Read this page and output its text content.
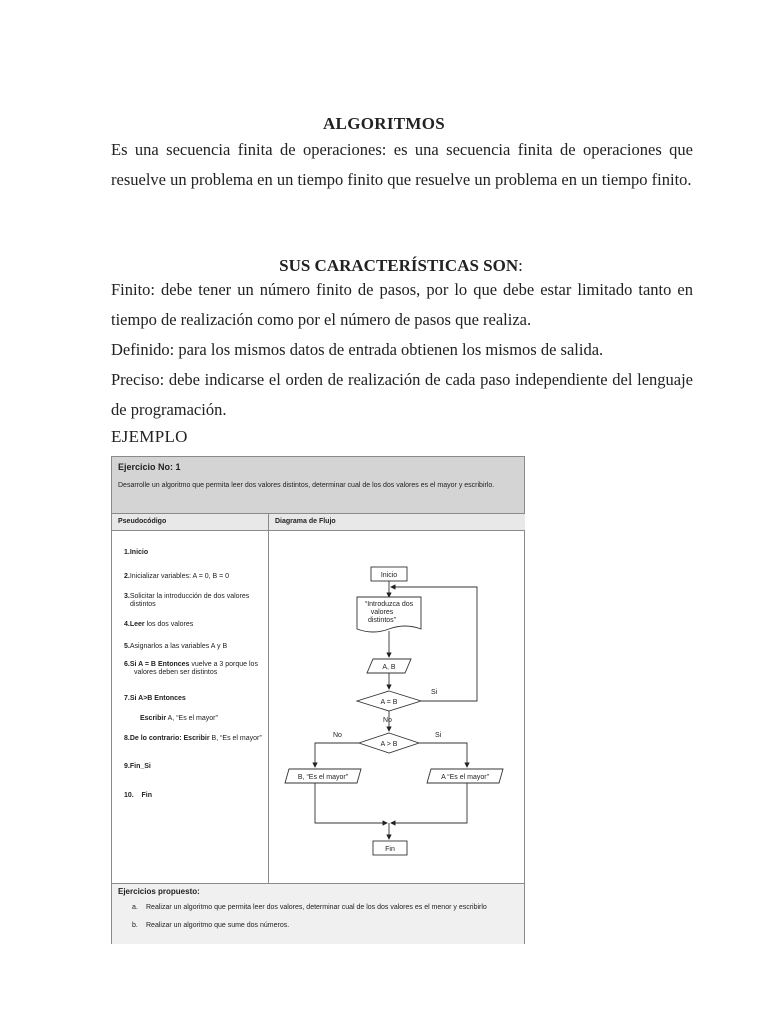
ALGORITMOS
Es una secuencia finita de operaciones: es una secuencia finita de operaciones que resuelve un problema en un tiempo finito que resuelve un problema en un tiempo finito.
SUS CARACTERÍSTICAS SON:
Finito: debe tener un número finito de pasos, por lo que debe estar limitado tanto en tiempo de realización como por el número de pasos que realiza.
Definido: para los mismos datos de entrada obtienen los mismos de salida.
Preciso: debe indicarse el orden de realización de cada paso independiente del lenguaje de programación.
EJEMPLO
Ejercicio No: 1
Desarrolle un algoritmo que permita leer dos valores distintos, determinar cual de los dos valores es el mayor y escribirlo.
Pseudocódigo	Diagrama de Flujo
1.Inicio
2.Inicializar variables: A = 0, B = 0
3.Solicitar la introducción de dos valores distintos
4.Leer los dos valores
5.Asignarlos a las variables A y B
6.Si A = B Entonces vuelve a 3 porque los valores deben ser distintos
7.Si A>B Entonces
Escribir A, “Es el mayor”
8.De lo contrario: Escribir B, “Es el mayor”
9.Fin_Si
10. Fin
Inicio
“Introduzca dos
valores
distintos”
A, B
A = B
Si
No
A > B
No	Si
B, “Es el mayor”	A “Es el mayor”
Fin
Ejercicios propuesto:
a. Realizar un algoritmo que permita leer dos valores, determinar cual de los dos valores es el menor y escribirlo
b. Realizar un algoritmo que sume dos números.
